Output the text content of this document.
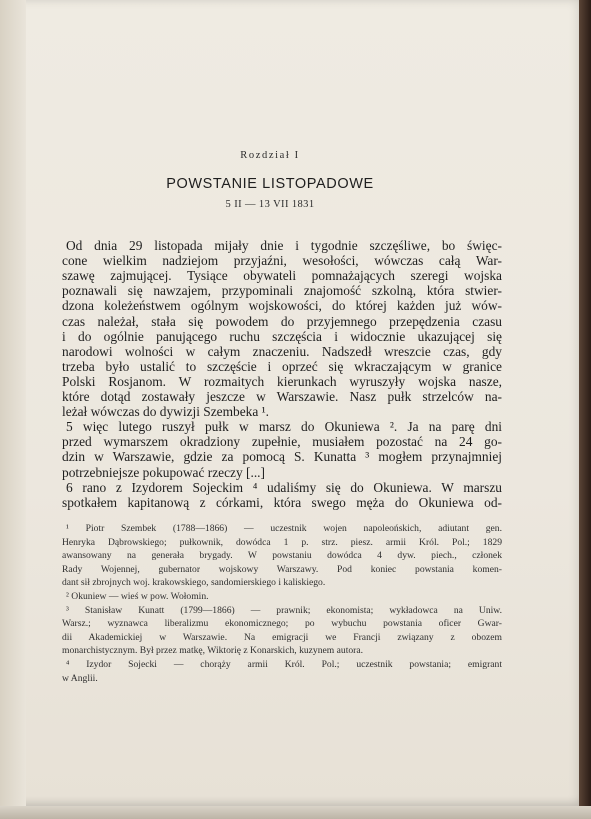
Rozdział I
POWSTANIE LISTOPADOWE
5 II — 13 VII 1831
Od dnia 29 listopada mijały dnie i tygodnie szczęśliwe, bo święc-
cone wielkim nadziejom przyjaźni, wesołości, wówczas całą War-
szawę zajmującej. Tysiące obywateli pomnażających szeregi wojska
poznawali się nawzajem, przypominali znajomość szkolną, która stwier-
dzona koleżeństwem ogólnym wojskowości, do której każden już wów-
czas należał, stała się powodem do przyjemnego przepędzenia czasu
i do ogólnie panującego ruchu szczęścia i widocznie ukazującej się
narodowi wolności w całym znaczeniu. Nadszedł wreszcie czas, gdy
trzeba było ustalić to szczęście i oprzeć się wkraczającym w granice
Polski Rosjanom. W rozmaitych kierunkach wyruszyły wojska nasze,
które dotąd zostawały jeszcze w Warszawie. Nasz pułk strzelców na-
leżał wówczas do dywizji Szembeka ¹.
5 więc lutego ruszył pułk w marsz do Okuniewa ². Ja na parę dni
przed wymarszem okradziony zupełnie, musiałem pozostać na 24 go-
dzin w Warszawie, gdzie za pomocą S. Kunatta ³ mogłem przynajmniej
potrzebniejsze pokupować rzeczy [...]
6 rano z Izydorem Sojeckim ⁴ udaliśmy się do Okuniewa. W marszu
spotkałem kapitanową z córkami, która swego męża do Okuniewa od-
¹ Piotr Szembek (1788—1866) — uczestnik wojen napoleońskich, adiutant gen.
Henryka Dąbrowskiego; pułkownik, dowódca 1 p. strz. piesz. armii Król. Pol.; 1829
awansowany na generała brygady. W powstaniu dowódca 4 dyw. piech., członek
Rady Wojennej, gubernator wojskowy Warszawy. Pod koniec powstania komen-
dant sił zbrojnych woj. krakowskiego, sandomierskiego i kaliskiego.
² Okuniew — wieś w pow. Wołomin.
³ Stanisław Kunatt (1799—1866) — prawnik; ekonomista; wykładowca na Uniw.
Warsz.; wyznawca liberalizmu ekonomicznego; po wybuchu powstania oficer Gwar-
dii Akademickiej w Warszawie. Na emigracji we Francji związany z obozem
monarchistycznym. Był przez matkę, Wiktorię z Konarskich, kuzynem autora.
⁴ Izydor Sojecki — chorąży armii Król. Pol.; uczestnik powstania; emigrant
w Anglii.
